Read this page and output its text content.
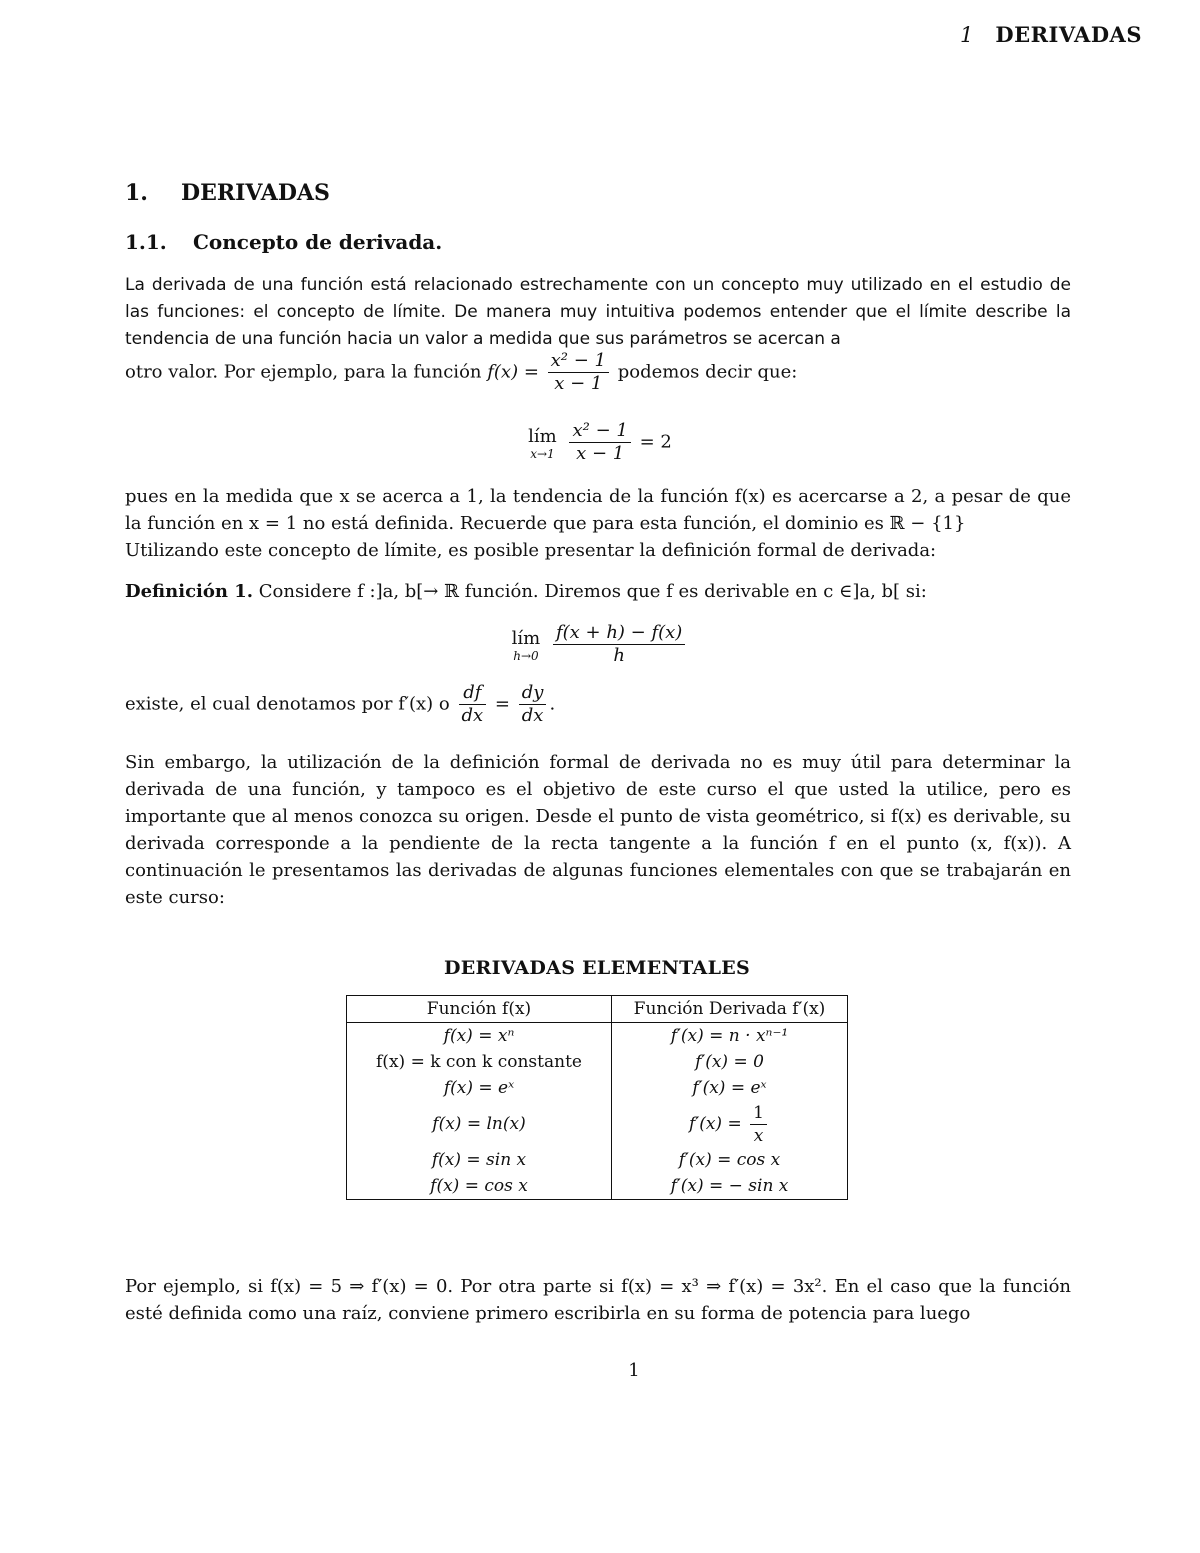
1 DERIVADAS
1. DERIVADAS
1.1. Concepto de derivada.
La derivada de una función está relacionado estrechamente con un concepto muy utilizado en el estudio de las funciones: el concepto de límite. De manera muy intuitiva podemos entender que el límite describe la tendencia de una función hacia un valor a medida que sus parámetros se acercan a
otro valor. Por ejemplo, para la función $f(x) = \frac{\text{x² − 1}}{x - 1}$ podemos decir que:
lím
x→1
$\frac{\text{x² − 1}}{x - 1} = 2$
pues en la medida que x se acerca a 1, la tendencia de la función f(x) es acercarse a 2, a pesar de que la función en x = 1 no está definida. Recuerde que para esta función, el dominio es ℝ − {1}
Utilizando este concepto de límite, es posible presentar la definición formal de derivada:
Definición 1. Considere f :]a, b[→ ℝ función. Diremos que f es derivable en c ∈]a, b[ si:
lím
h→0
$\frac{f(x + h) - f(x)}{h}$
existe, el cual denotamos por f′(x) o $\frac{df}{dx} = \frac{dy}{dx}$ .
Sin embargo, la utilización de la definición formal de derivada no es muy útil para determinar la derivada de una función, y tampoco es el objetivo de este curso el que usted la utilice, pero es importante que al menos conozca su origen. Desde el punto de vista geométrico, si f(x) es derivable, su derivada corresponde a la pendiente de la recta tangente a la función f en el punto (x, f(x)). A continuación le presentamos las derivadas de algunas funciones elementales con que se trabajarán en este curso:
DERIVADAS ELEMENTALES
Función f(x)	Función Derivada f′(x)
f(x) = xⁿ	f′(x) = n · xⁿ⁻¹
f(x) = k con k constante	f′(x) = 0
f(x) = eˣ	f′(x) = eˣ
f(x) = ln(x)	$f'(x) = \frac{1}{x}$

f(x) = sin x	f′(x) = cos x
f(x) = cos x	f′(x) = − sin x
Por ejemplo, si f(x) = 5 ⇒ f′(x) = 0. Por otra parte si f(x) = x³ ⇒ f′(x) = 3x². En el caso que la función esté definida como una raíz, conviene primero escribirla en su forma de potencia para luego
1
